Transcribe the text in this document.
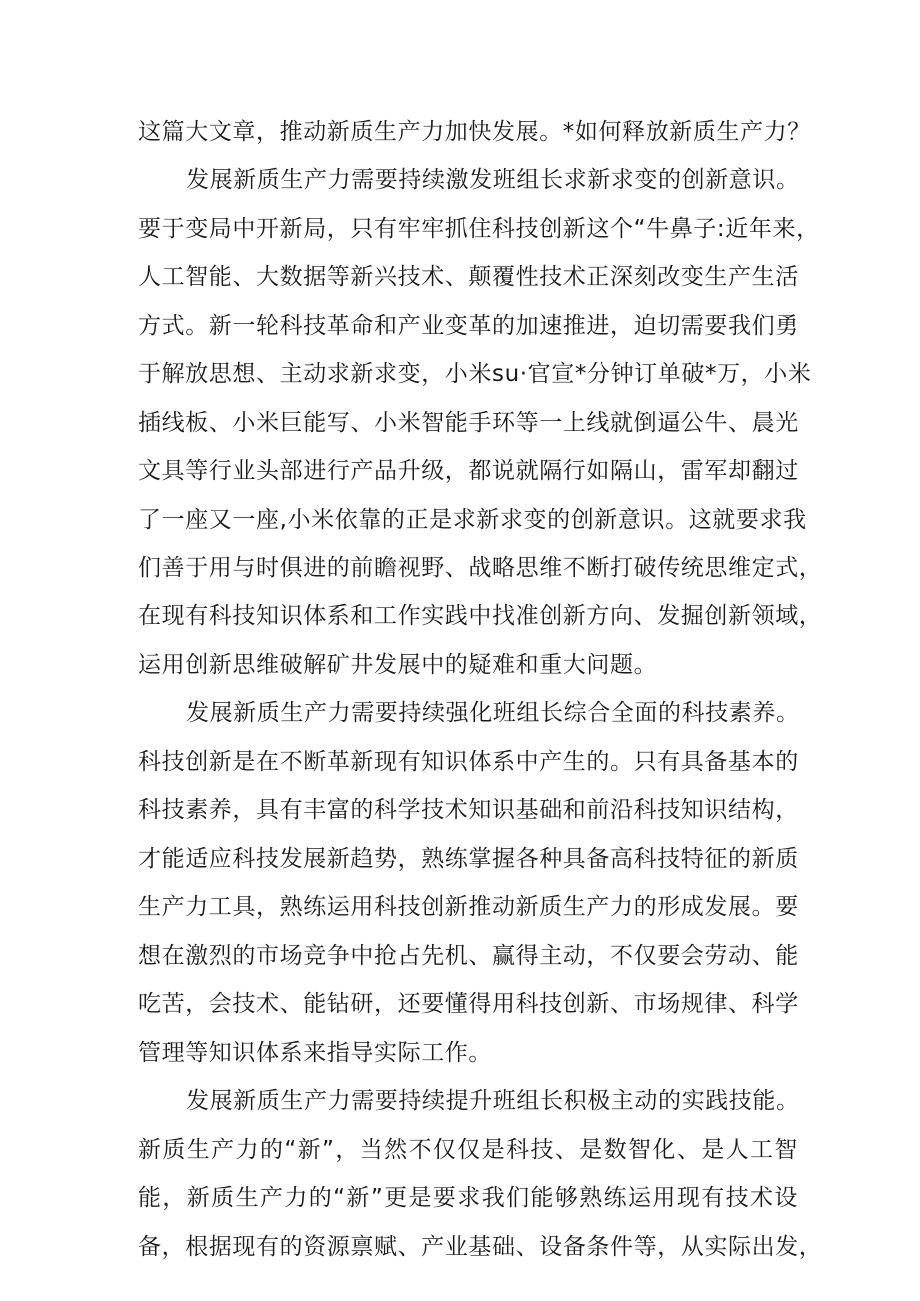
这篇大文章，推动新质生产力加快发展。*如何释放新质生产力？

发展新质生产力需要持续激发班组长求新求变的创新意识。

要于变局中开新局，只有牢牢抓住科技创新这个“牛鼻子:近年来，

人工智能、大数据等新兴技术、颠覆性技术正深刻改变生产生活

方式。新一轮科技革命和产业变革的加速推进，迫切需要我们勇

于解放思想、主动求新求变，小米su·官宣*分钟订单破*万，小米

插线板、小米巨能写、小米智能手环等一上线就倒逼公牛、晨光

文具等行业头部进行产品升级，都说就隔行如隔山，雷军却翻过

了一座又一座,小米依靠的正是求新求变的创新意识。这就要求我

们善于用与时俱进的前瞻视野、战略思维不断打破传统思维定式，

在现有科技知识体系和工作实践中找准创新方向、发掘创新领域，

运用创新思维破解矿井发展中的疑难和重大问题。

发展新质生产力需要持续强化班组长综合全面的科技素养。

科技创新是在不断革新现有知识体系中产生的。只有具备基本的

科技素养，具有丰富的科学技术知识基础和前沿科技知识结构，

才能适应科技发展新趋势，熟练掌握各种具备高科技特征的新质

生产力工具，熟练运用科技创新推动新质生产力的形成发展。要

想在激烈的市场竞争中抢占先机、赢得主动，不仅要会劳动、能

吃苦，会技术、能钻研，还要懂得用科技创新、市场规律、科学

管理等知识体系来指导实际工作。

发展新质生产力需要持续提升班组长积极主动的实践技能。

新质生产力的“新”，当然不仅仅是科技、是数智化、是人工智

能，新质生产力的“新”更是要求我们能够熟练运用现有技术设

备，根据现有的资源禀赋、产业基础、设备条件等，从实际出发，
